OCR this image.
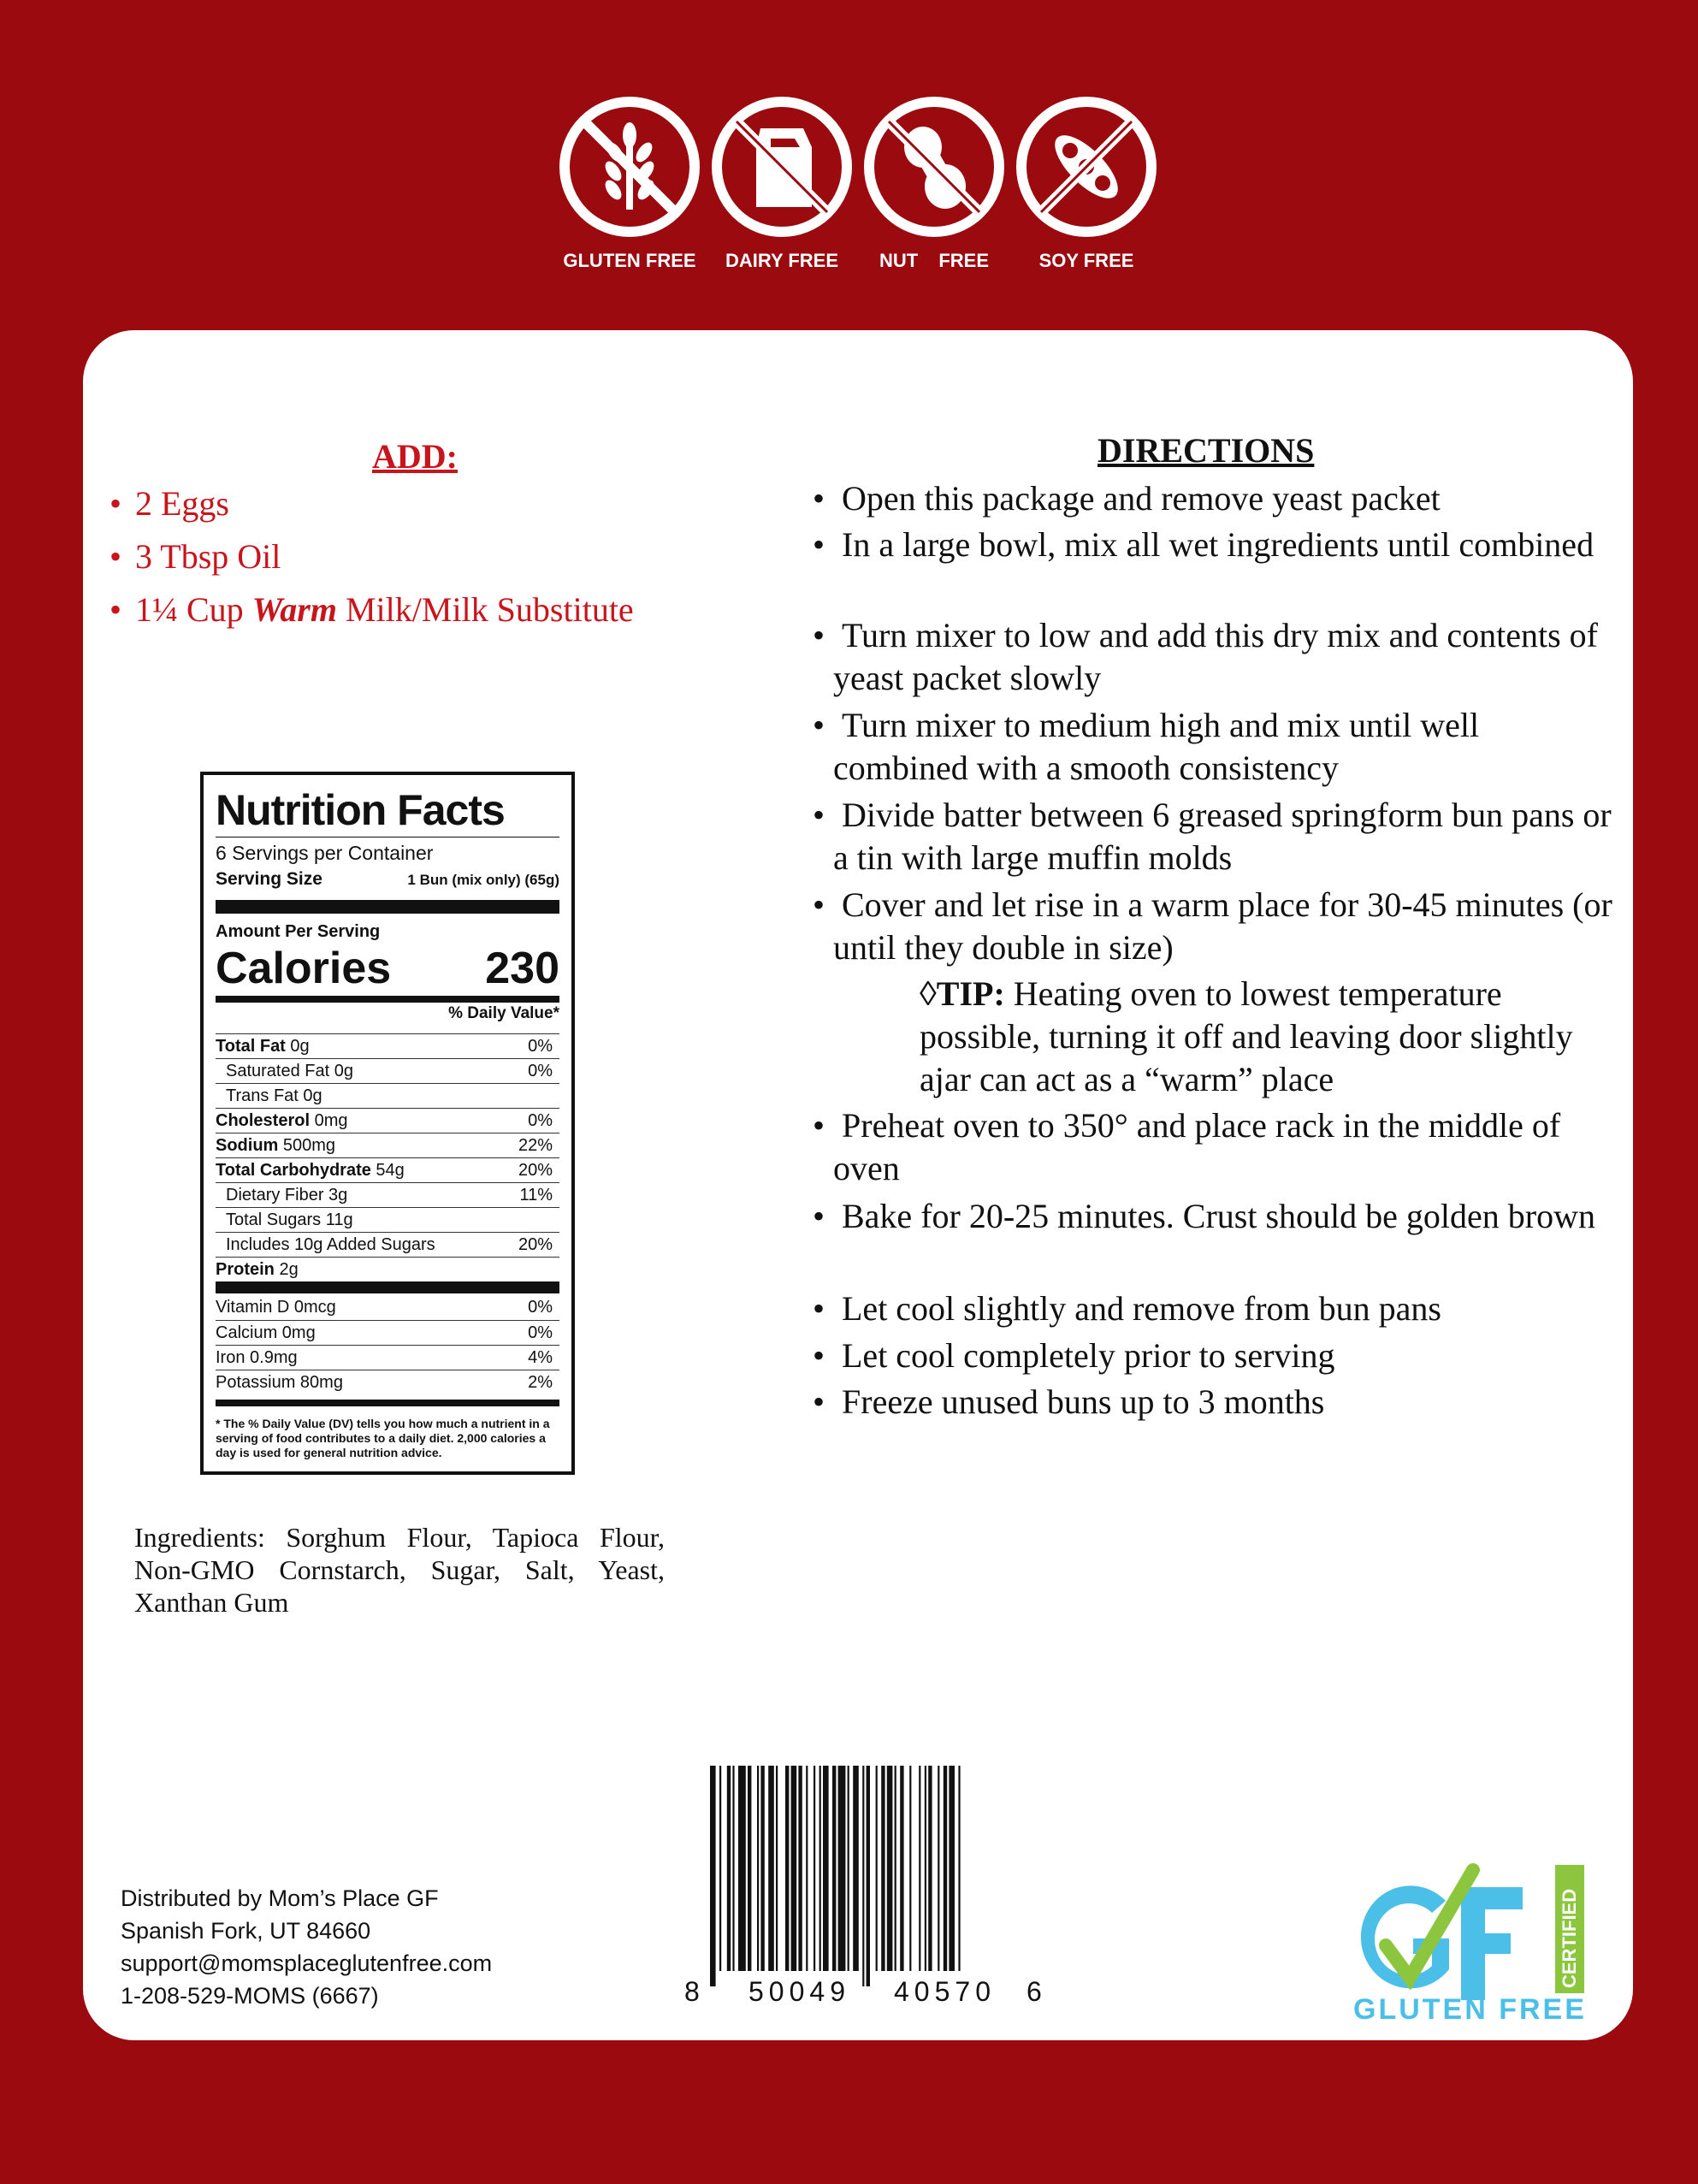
GLUTEN FREE DAIRY FREE NUT FREE	SOY FREE
ADD:
• 2 Eggs
• 3 Tbsp Oil
• 1¼ Cup Warm Milk/Milk Substitute
DIRECTIONS
• Open this package and remove yeast packet
• In a large bowl, mix all wet ingredients until combined
• Turn mixer to low and add this dry mix and contents of yeast packet slowly
• Turn mixer to medium high and mix until well combined with a smooth consistency
• Divide batter between 6 greased springform bun pans or a tin with large muffin molds
• Cover and let rise in a warm place for 30-45 minutes (or until they double in size)
• Preheat oven to 350° and place rack in the middle of oven
• Bake for 20-25 minutes. Crust should be golden brown
• Let cool slightly and remove from bun pans
• Let cool completely prior to serving
• Freeze unused buns up to 3 months
◊TIP: Heating oven to lowest temperature possible, turning it off and leaving door slightly ajar can act as a “warm” place
Nutrition Facts
6 Servings per Container
Serving Size	1 Bun (mix only) (65g)
Amount Per Serving
Calories 230
% Daily Value*
Total Fat 0g	0%
Saturated Fat 0g	0%
Trans Fat 0g
Cholesterol 0mg	0%
Sodium 500mg	22%
Total Carbohydrate 54g	20%
Dietary Fiber 3g	11%
Total Sugars 11g
Includes 10g Added Sugars	20%
Protein 2g
Vitamin D 0mcg	0%
Calcium 0mg	0%
Iron 0.9mg	4%
Potassium 80mg	2%
* The % Daily Value (DV) tells you how much a nutrient in a serving of food contributes to a daily diet. 2,000 calories a day is used for general nutrition advice.
Ingredients: Sorghum Flour, Tapioca Flour, Non-GMO Cornstarch, Sugar, Salt, Yeast, Xanthan Gum
Distributed by Mom’s Place GF
Spanish Fork, UT 84660
support@momsplaceglutenfree.com
1-208-529-MOMS (6667)	8 50049 40570 6
CERTIFIED
GLUTEN FREE
